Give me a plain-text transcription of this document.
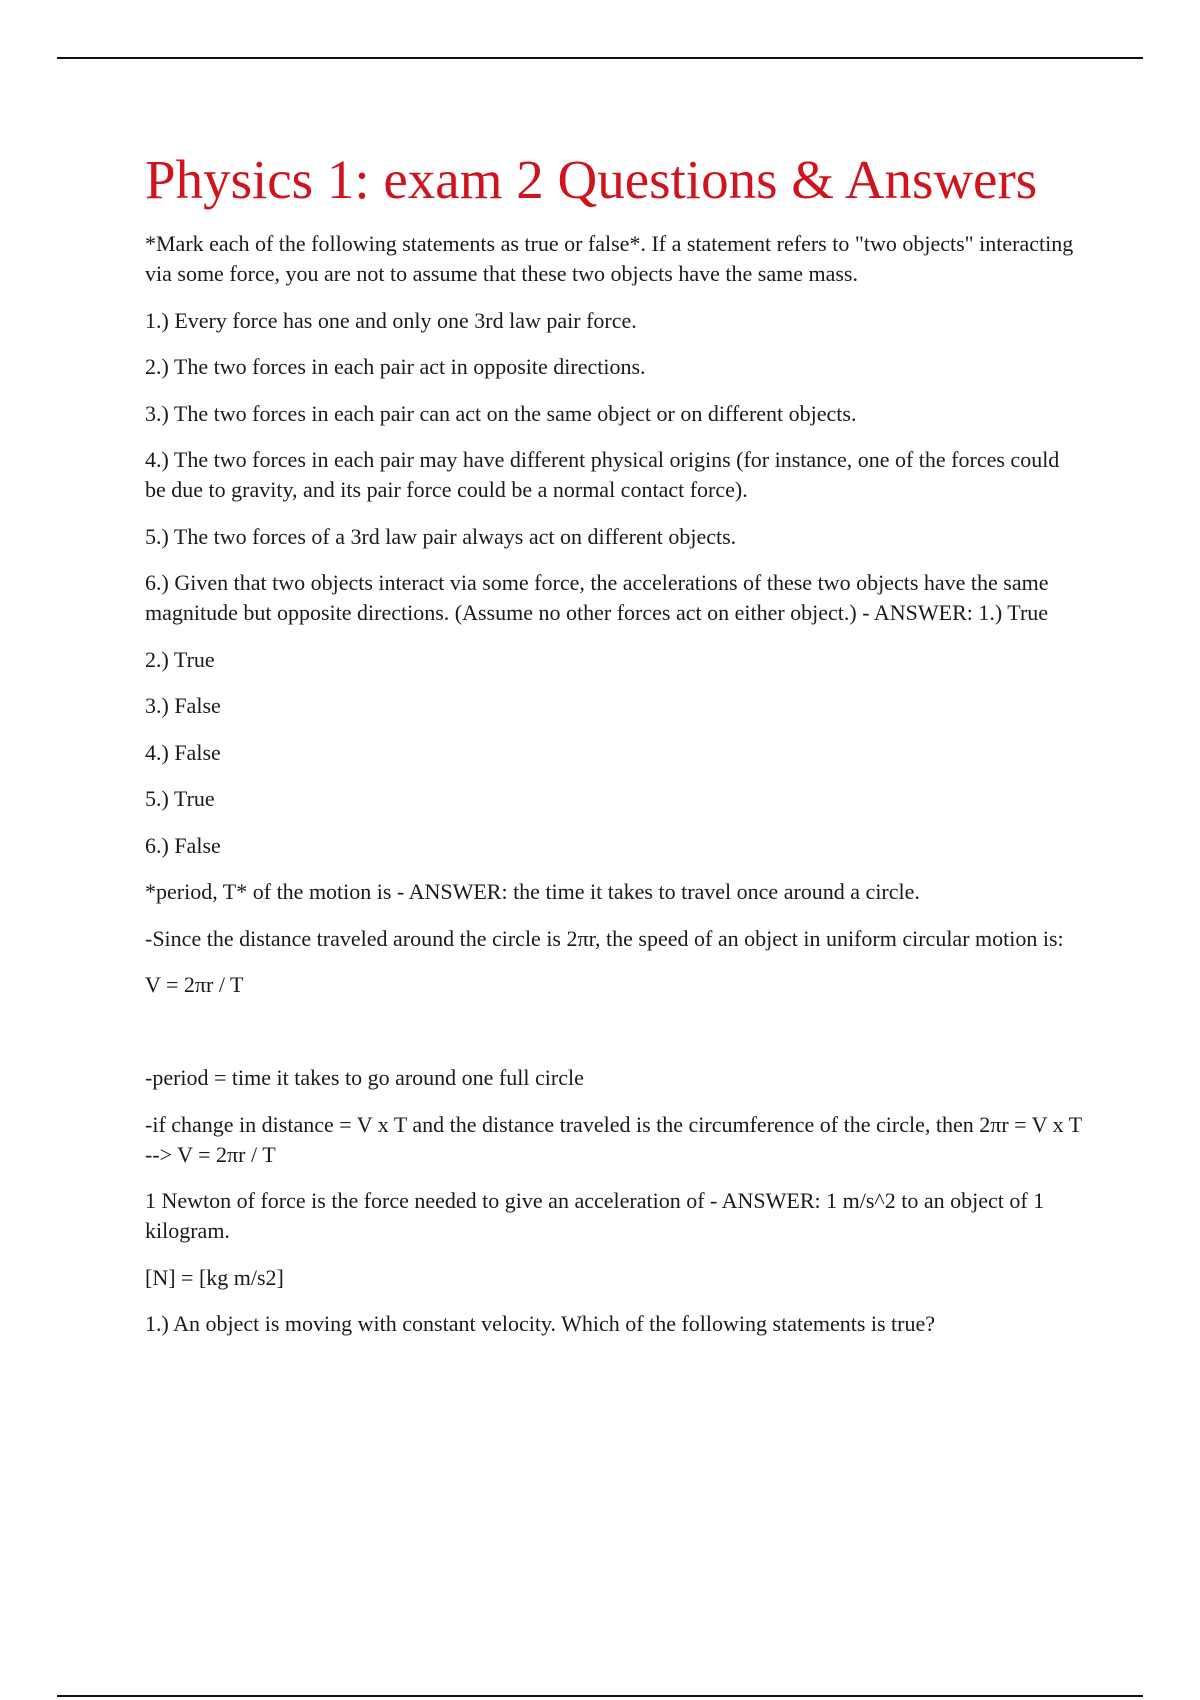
Physics 1: exam 2 Questions & Answers

*Mark each of the following statements as true or false*. If a statement refers to "two objects" interacting via some force, you are not to assume that these two objects have the same mass.

1.) Every force has one and only one 3rd law pair force.

2.) The two forces in each pair act in opposite directions.

3.) The two forces in each pair can act on the same object or on different objects.

4.) The two forces in each pair may have different physical origins (for instance, one of the forces could be due to gravity, and its pair force could be a normal contact force).

5.) The two forces of a 3rd law pair always act on different objects.

6.) Given that two objects interact via some force, the accelerations of these two objects have the same magnitude but opposite directions. (Assume no other forces act on either object.) - ANSWER: 1.) True

2.) True

3.) False

4.) False

5.) True

6.) False

*period, T* of the motion is - ANSWER: the time it takes to travel once around a circle.

-Since the distance traveled around the circle is 2πr, the speed of an object in uniform circular motion is:

V = 2πr / T

-period = time it takes to go around one full circle

-if change in distance = V x T and the distance traveled is the circumference of the circle, then 2πr = V x T --> V = 2πr / T

1 Newton of force is the force needed to give an acceleration of - ANSWER: 1 m/s^2 to an object of 1 kilogram.

[N] = [kg m/s2]

1.) An object is moving with constant velocity. Which of the following statements is true?
